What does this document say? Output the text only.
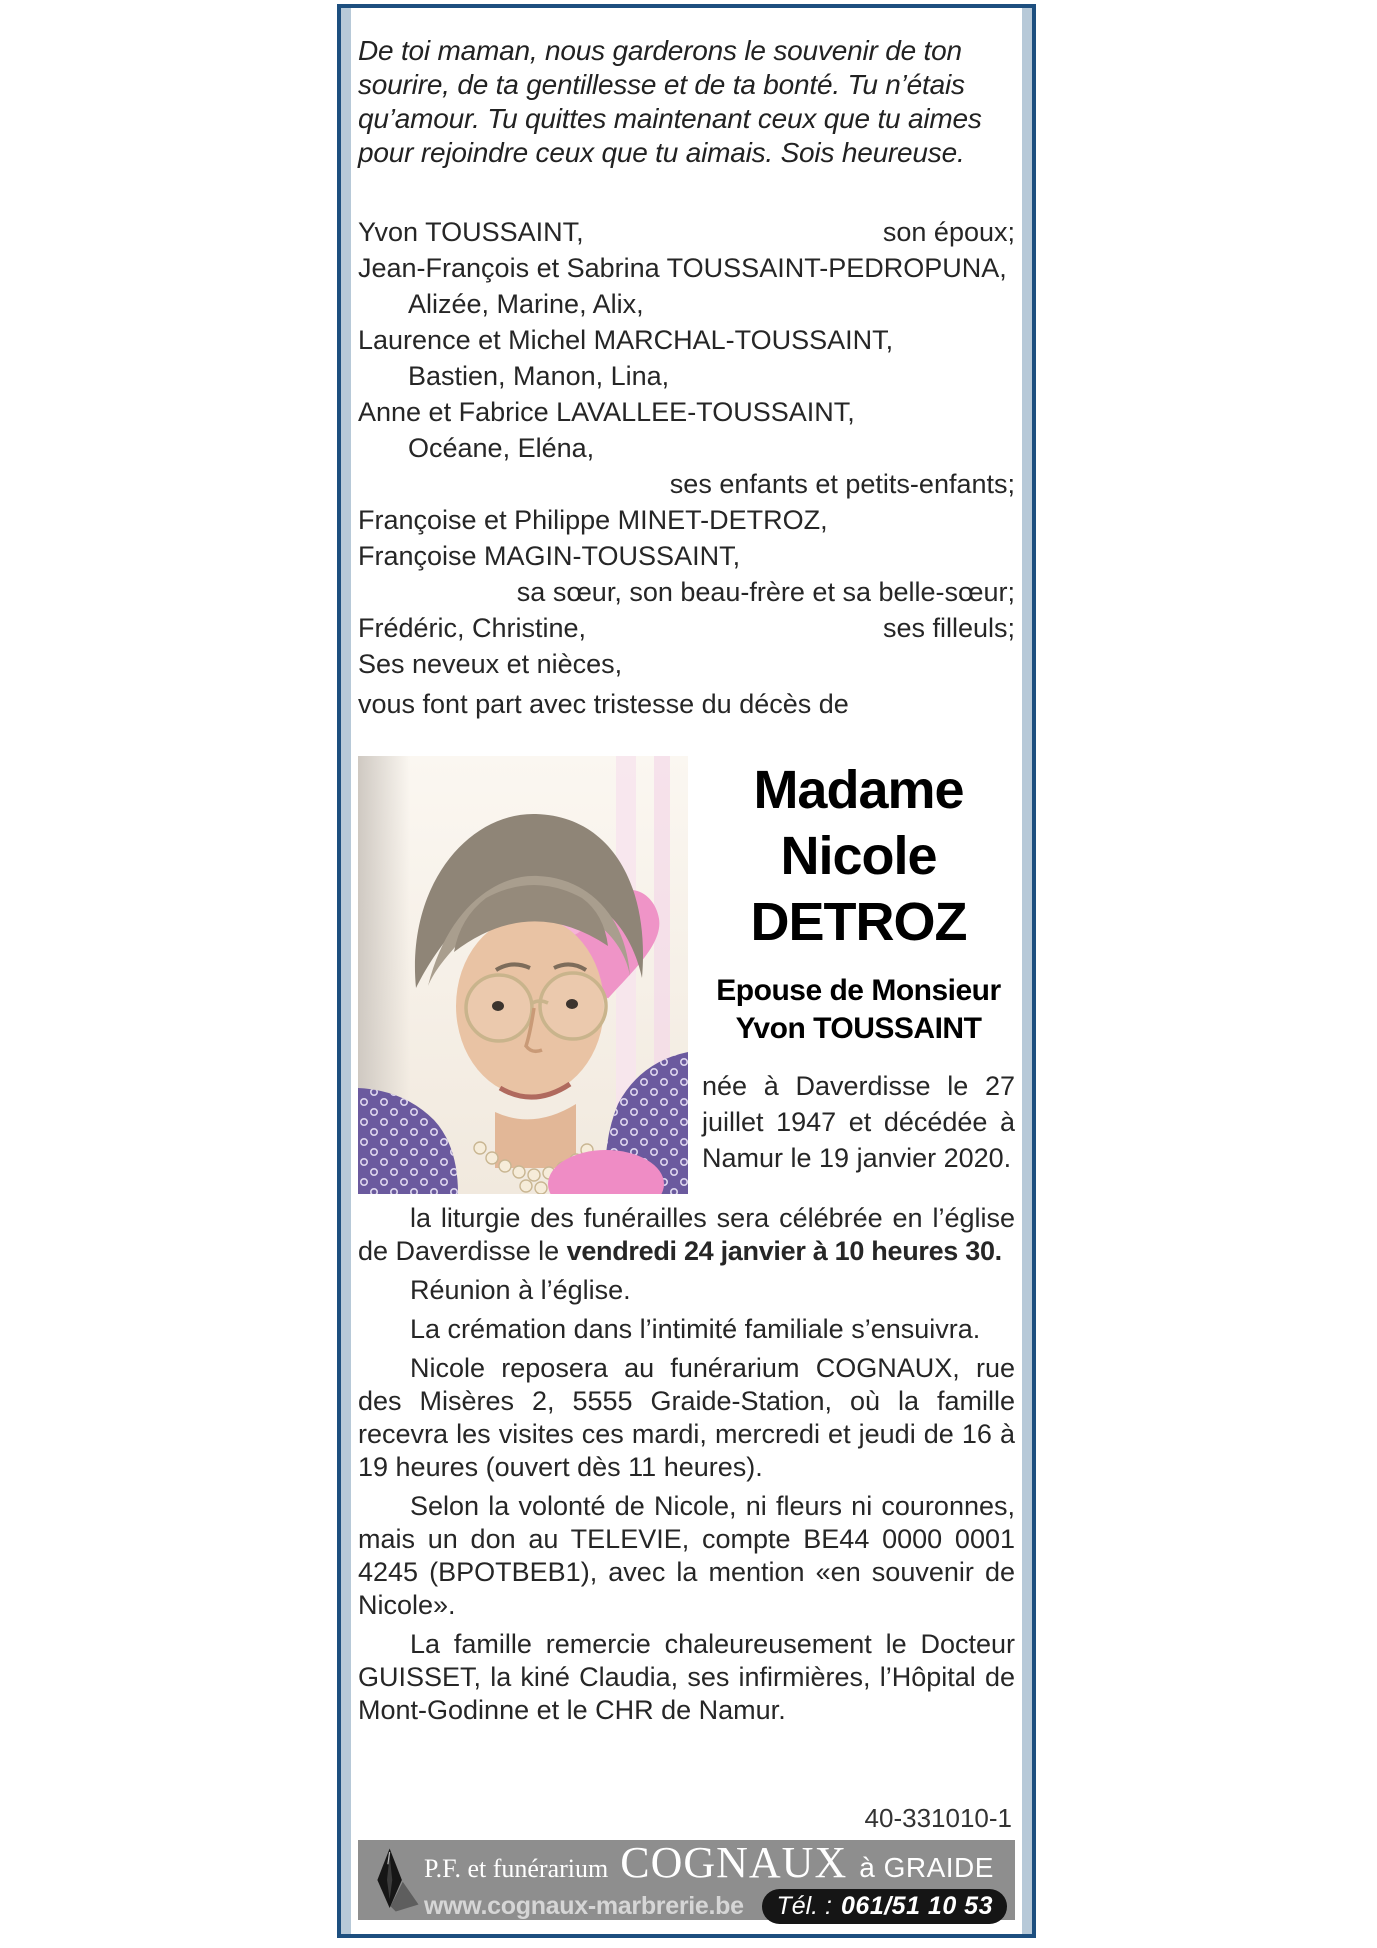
De toi maman, nous garderons le souvenir de ton sourire, de ta gentillesse et de ta bonté. Tu n’étais qu’amour. Tu quittes maintenant ceux que tu aimes pour rejoindre ceux que tu aimais. Sois heureuse.
Yvon TOUSSAINT,	son époux;
Jean-François et Sabrina TOUSSAINT-PEDROPUNA,
Alizée, Marine, Alix,
Laurence et Michel MARCHAL-TOUSSAINT,
Bastien, Manon, Lina,
Anne et Fabrice LAVALLEE-TOUSSAINT,
Océane, Eléna,
ses enfants et petits-enfants;
Françoise et Philippe MINET-DETROZ,
Françoise MAGIN-TOUSSAINT,
sa sœur, son beau-frère et sa belle-sœur;
Frédéric, Christine,	ses filleuls;
Ses neveux et nièces,
vous font part avec tristesse du décès de
Madame
Nicole
DETROZ
Epouse de Monsieur
Yvon TOUSSAINT
née à Daverdisse le 27 juillet 1947 et décédée à Namur le 19 janvier 2020.
la liturgie des funérailles sera célébrée en l’église de Daverdisse le vendredi 24 janvier à 10 heures 30.
Réunion à l’église.
La crémation dans l’intimité familiale s’ensuivra.
Nicole reposera au funérarium COGNAUX, rue des Misères 2, 5555 Graide-Station, où la famille recevra les visites ces mardi, mercredi et jeudi de 16 à 19 heures (ouvert dès 11 heures).
Selon la volonté de Nicole, ni fleurs ni couronnes, mais un don au TELEVIE, compte BE44 0000 0001 4245 (BPOTBEB1), avec la mention «en souvenir de Nicole».
La famille remercie chaleureusement le Docteur GUISSET, la kiné Claudia, ses infirmières, l’Hôpital de Mont-Godinne et le CHR de Namur.
40-331010-1
P.F. et funérarium COGNAUX à GRAIDE
www.cognaux-marbrerie.be Tél. : 061/51 10 53
